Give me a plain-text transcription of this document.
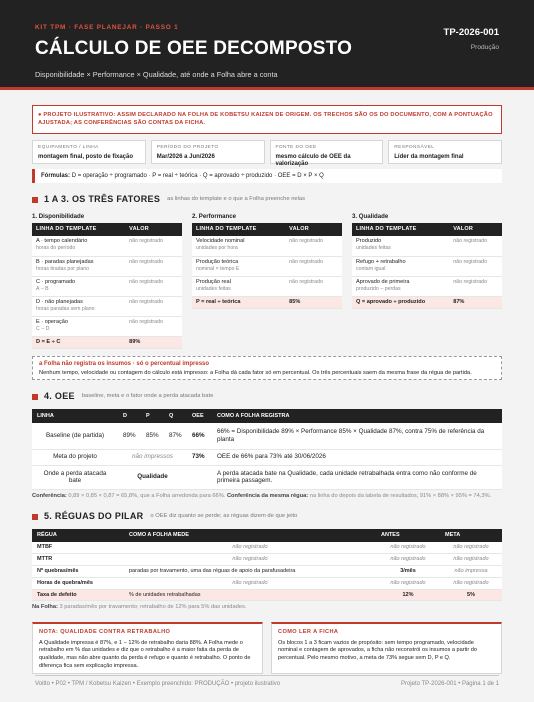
KIT TPM · FASE PLANEJAR · PASSO 1
CÁLCULO DE OEE DECOMPOSTO
Disponibilidade × Performance × Qualidade, até onde a Folha abre a conta
TP-2026-001
Produção
● PROJETO ILUSTRATIVO: ASSIM DECLARADO NA FOLHA DE KOBETSU KAIZEN DE ORIGEM. OS TRECHOS SÃO OS DO DOCUMENTO, COM A PONTUAÇÃO AJUSTADA; AS CONFERÊNCIAS SÃO CONTAS DA FICHA.
EQUIPAMENTO / LINHA
montagem final, posto de fixação
PERÍODO DO PROJETO
Mar/2026 a Jun/2026
FONTE DO OEE
mesmo cálculo de OEE da valorização
RESPONSÁVEL
Líder da montagem final
Fórmulas: D = operação ÷ programado · P = real ÷ teórica · Q = aprovado ÷ produzido · OEE = D × P × Q
1 A 3. OS TRÊS FATORES as linhas do template e o que a Folha preenche nelas
1. Disponibilidade
LINHA DO TEMPLATE	VALOR
A · tempo calendário
horas do período	não registrado
B · paradas planejadas
horas tiradas por plano	não registrado
C · programado
A − B	não registrado
D · não planejadas
horas paradas sem plano	não registrado
E · operação
C − D	não registrado
D = E ÷ C	89%
2. Performance
LINHA DO TEMPLATE	VALOR
Velocidade nominal
unidades por hora	não registrado
Produção teórica
nominal × tempo E	não registrado
Produção real
unidades feitas	não registrado
P = real ÷ teórica	85%
3. Qualidade
LINHA DO TEMPLATE	VALOR
Produzido
unidades feitas	não registrado
Refugo + retrabalho
contam igual	não registrado
Aprovado de primeira
produzido − perdas	não registrado
Q = aprovado ÷ produzido	87%
a Folha não registra os insumos · só o percentual impresso
Nenhum tempo, velocidade ou contagem do cálculo está impresso: a Folha dá cada fator só em percentual. Os três percentuais saem da mesma frase da régua de partida.
4. OEE baseline, meta e o fator onde a perda atacada bate
LINHA	D	P	Q	OEE	COMO A FOLHA REGISTRA
Baseline (de partida)	89%	85%	87%	66%	66% = Disponibilidade 89% × Performance 85% × Qualidade 87%, contra 75% de referência da planta
Meta do projeto	não impressos			73%	OEE de 66% para 73% até 30/06/2026
Onde a perda atacada bate	Qualidade				A perda atacada bate na Qualidade, cada unidade retrabalhada entra como não conforme de primeira passagem.
Conferência: 0,89 × 0,85 × 0,87 = 65,8%, que a Folha arredonda para 66%. Conferência da mesma régua: na linha do depois da tabela de resultados, 91% × 88% × 95% = 74,3%.
5. RÉGUAS DO PILAR o OEE diz quanto se perde; as réguas dizem de que jeito
RÉGUA	COMO A FOLHA MEDE	ANTES	META
MTBF	não registrado	não registrado	não registrado
MTTR	não registrado	não registrado	não registrado
Nº quebras/mês	paradas por travamento, uma das réguas de apoio da parafusadeira	3/mês	não impressa
Horas de quebra/mês	não registrado	não registrado	não registrado
Taxa de defeito	% de unidades retrabalhadas	12%	5%
Na Folha: 3 paradas/mês por travamento; retrabalho de 12% para 5% das unidades.
NOTA: QUALIDADE CONTRA RETRABALHO
A Qualidade impressa é 87%, e 1 − 12% de retrabalho daria 88%. A Folha mede o retrabalho em % das unidades e diz que o retrabalho é a maior fatia da perda de qualidade, mas não abre quanto da perda é refugo e quanto é retrabalho. O ponto de diferença fica sem explicação impressa.
COMO LER A FICHA
Os blocos 1 a 3 ficam vazios de propósito: sem tempo programado, velocidade nominal e contagem de aprovados, a ficha não reconstrói os insumos a partir do percentual. Pelo mesmo motivo, a meta de 73% segue sem D, P e Q.
Voitto • P02 • TPM / Kobetsu Kaizen • Exemplo preenchido: PRODUÇÃO • projeto ilustrativo	Projeto TP-2026-001 • Página 1 de 1
